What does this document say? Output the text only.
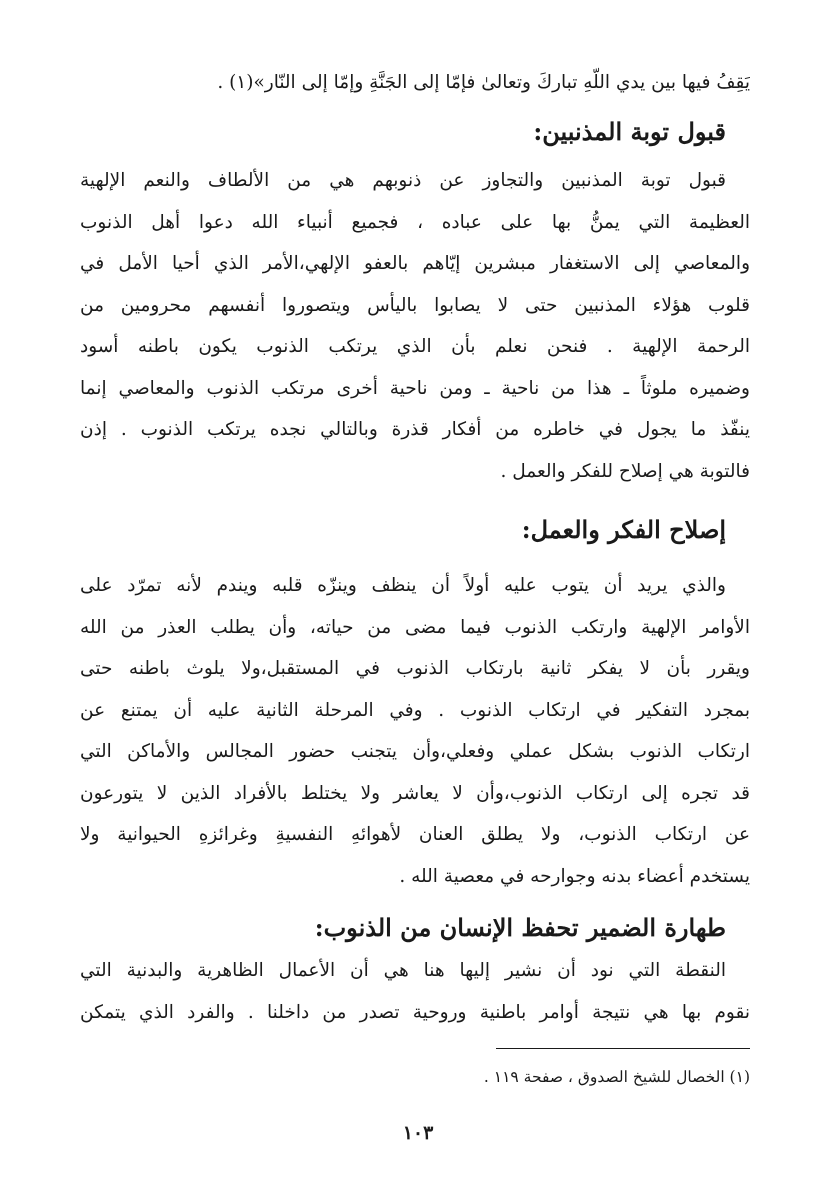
يَقِفُ فيها بين يدي اللّهِ تباركَ وتعالىٰ فإمّا إلى الجَنَّةِ وإمّا إلى النّار»(١) .
قبول توبة المذنبين:
قبول توبة المذنبين والتجاوز عن ذنوبهم هي من الألطاف والنعم الإلهية
العظيمة التي يمنُّ بها على عباده ، فجميع أنبياء الله دعوا أهل الذنوب
والمعاصي إلى الاستغفار مبشرين إيّاهم بالعفو الإلهي،الأمر الذي أحيا الأمل في
قلوب هؤلاء المذنبين حتى لا يصابوا باليأس ويتصوروا أنفسهم محرومين من
الرحمة الإلهية . فنحن نعلم بأن الذي يرتكب الذنوب يكون باطنه أسود
وضميره ملوثاً ـ هذا من ناحية ـ ومن ناحية أخرى مرتكب الذنوب والمعاصي إنما
ينفّذ ما يجول في خاطره من أفكار قذرة وبالتالي نجده يرتكب الذنوب . إذن
فالتوبة هي إصلاح للفكر والعمل .
إصلاح الفكر والعمل:
والذي يريد أن يتوب عليه أولاً أن ينظف وينزّه قلبه ويندم لأنه تمرّد على
الأوامر الإلهية وارتكب الذنوب فيما مضى من حياته، وأن يطلب العذر من الله
ويقرر بأن لا يفكر ثانية بارتكاب الذنوب في المستقبل،ولا يلوث باطنه حتى
بمجرد التفكير في ارتكاب الذنوب . وفي المرحلة الثانية عليه أن يمتنع عن
ارتكاب الذنوب بشكل عملي وفعلي،وأن يتجنب حضور المجالس والأماكن التي
قد تجره إلى ارتكاب الذنوب،وأن لا يعاشر ولا يختلط بالأفراد الذين لا يتورعون
عن ارتكاب الذنوب، ولا يطلق العنان لأهوائهِ النفسيةِ وغرائزهِ الحيوانية ولا
يستخدم أعضاء بدنه وجوارحه في معصية الله .
طهارة الضمير تحفظ الإنسان من الذنوب:
النقطة التي نود أن نشير إليها هنا هي أن الأعمال الظاهرية والبدنية التي
نقوم بها هي نتيجة أوامر باطنية وروحية تصدر من داخلنا . والفرد الذي يتمكن
(١) الخصال للشيخ الصدوق ، صفحة ١١٩ .
١٠٣
